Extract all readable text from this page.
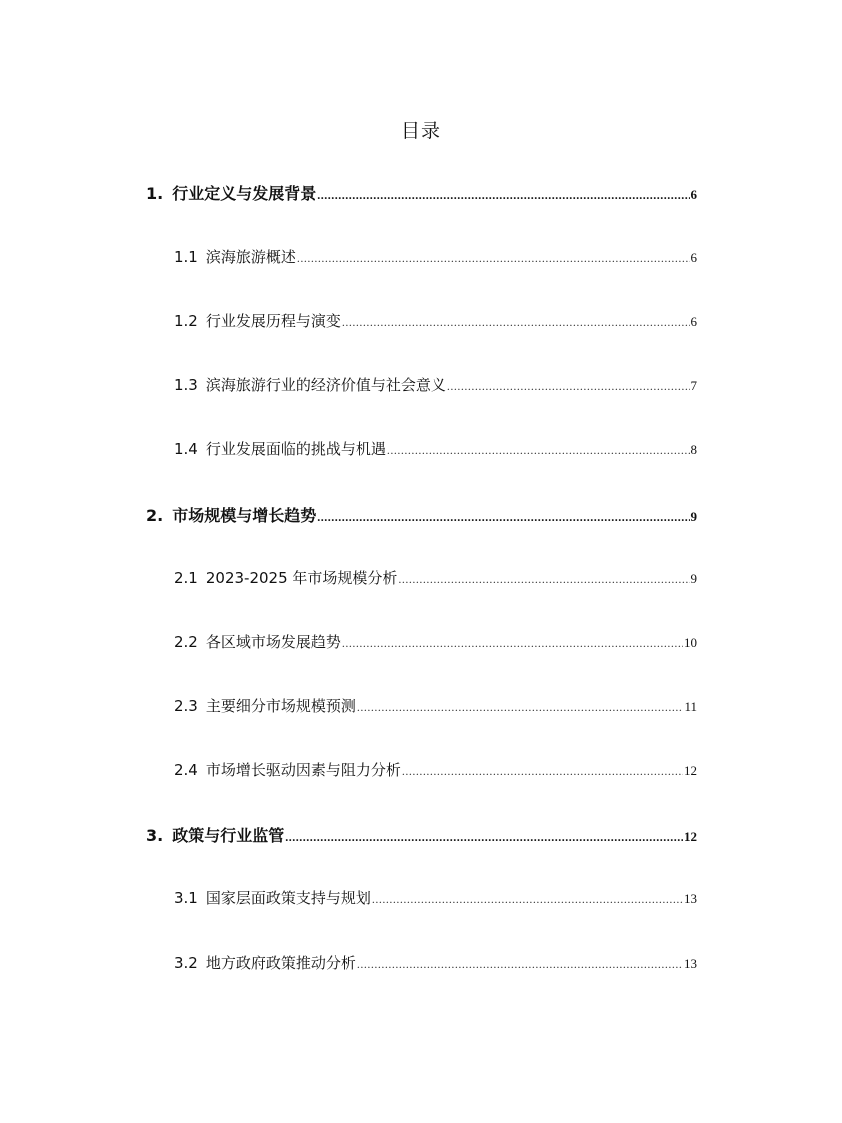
目录
1. 行业定义与发展背景 .....	6
1.1 滨海旅游概述 .....	6
1.2 行业发展历程与演变 .....	6
1.3 滨海旅游行业的经济价值与社会意义 .....	7
1.4 行业发展面临的挑战与机遇 .....	8
2. 市场规模与增长趋势 .....	9
2.1 2023-2025 年市场规模分析 .....	9
2.2 各区域市场发展趋势 .....	10
2.3 主要细分市场规模预测 .....	11
2.4 市场增长驱动因素与阻力分析 .....	12
3. 政策与行业监管 .....	12
3.1 国家层面政策支持与规划 .....	13
3.2 地方政府政策推动分析 .....	13
